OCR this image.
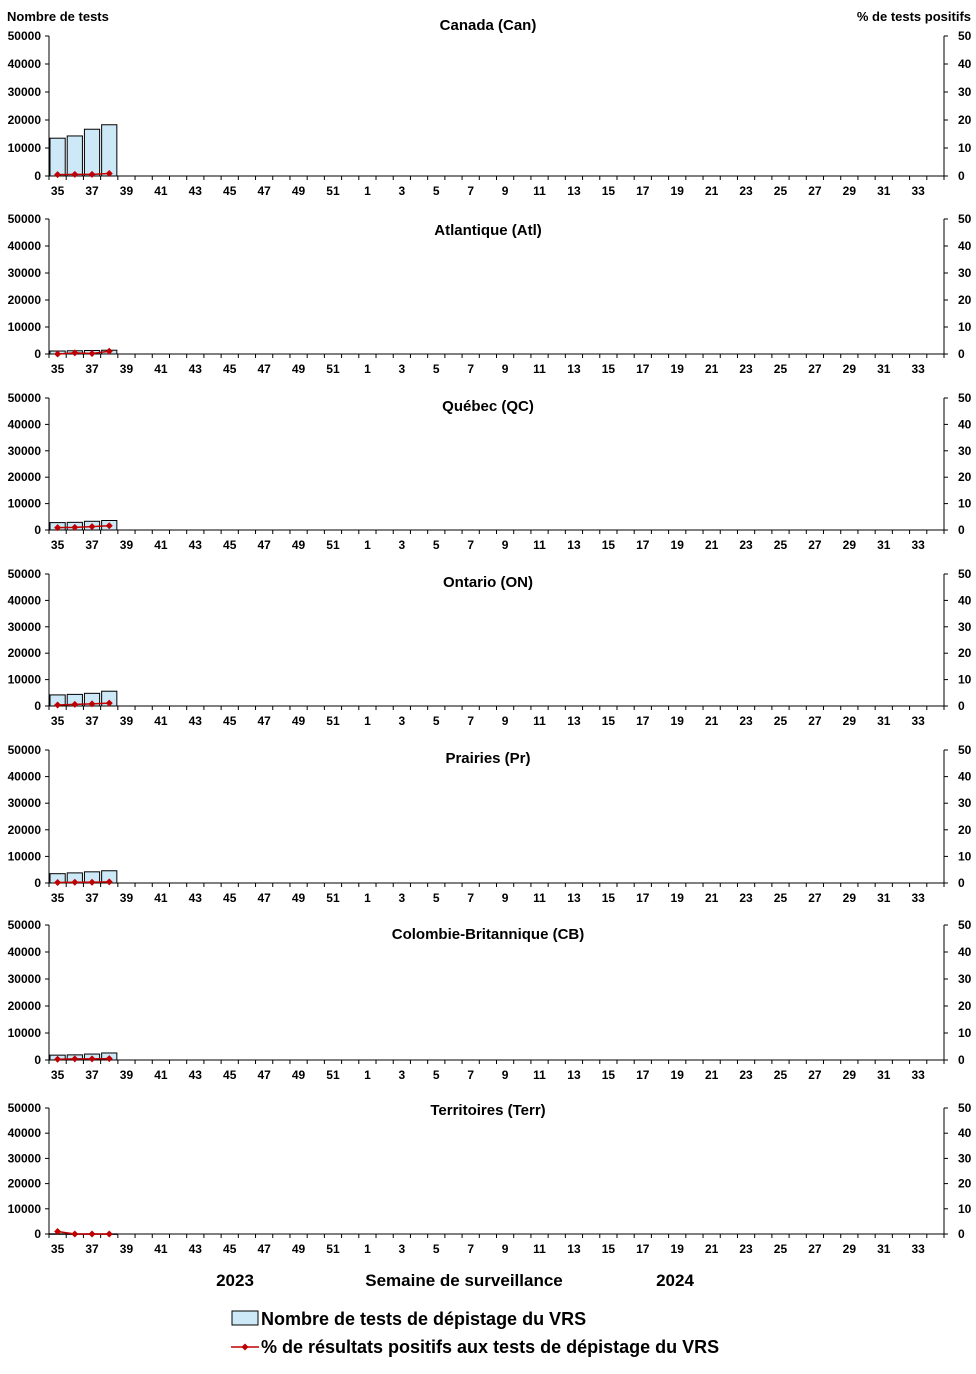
Nombre de tests	% de tests positifs
Canada (Can)
0
10000
20000
30000
40000
50000
0
10
20
30
40
50
35 37 39 41 43 45 47 49 51 1 3 5 7 9 11 13 15 17 19 21 23 25 27 29 31 33
Atlantique (Atl)
0
10000
20000
30000
40000
50000
0
10
20
30
40
50
35 37 39 41 43 45 47 49 51 1 3 5 7 9 11 13 15 17 19 21 23 25 27 29 31 33
Québec (QC)
0
10000
20000
30000
40000
50000
0
10
20
30
40
50
35 37 39 41 43 45 47 49 51 1 3 5 7 9 11 13 15 17 19 21 23 25 27 29 31 33
Ontario (ON)
0
10000
20000
30000
40000
50000
0
10
20
30
40
50
35 37 39 41 43 45 47 49 51 1 3 5 7 9 11 13 15 17 19 21 23 25 27 29 31 33
Prairies (Pr)
0
10000
20000
30000
40000
50000
0
10
20
30
40
50
35 37 39 41 43 45 47 49 51 1 3 5 7 9 11 13 15 17 19 21 23 25 27 29 31 33
Colombie-Britannique (CB)
0
10000
20000
30000
40000
50000
0
10
20
30
40
50
35 37 39 41 43 45 47 49 51 1 3 5 7 9 11 13 15 17 19 21 23 25 27 29 31 33
Territoires (Terr)
0
10000
20000
30000
40000
50000
0
10
20
30
40
50
35 37 39 41 43 45 47 49 51 1 3 5 7 9 11 13 15 17 19 21 23 25 27 29 31 33
2023	Semaine de surveillance	2024
Nombre de tests de dépistage du VRS
% de résultats positifs aux tests de dépistage du VRS
